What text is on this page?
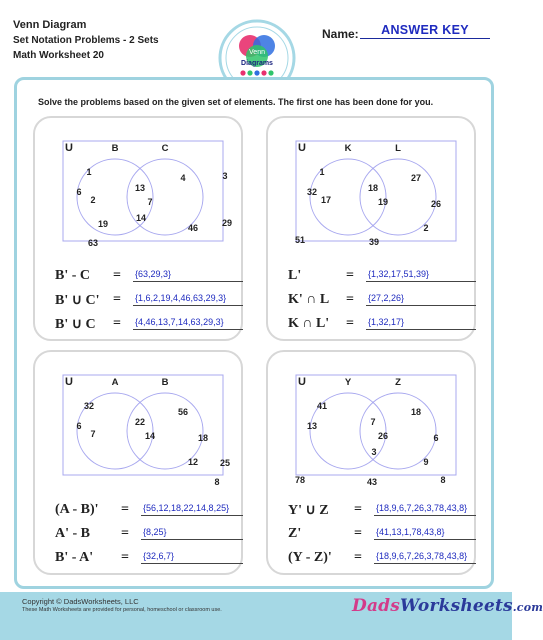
Venn Diagram
Set Notation Problems - 2 Sets
Math Worksheet 20	Venn
Diagrams
Name:	ANSWER KEY
Solve the problems based on the given set of elements. The first one has been done for you.
U	B	C
1
6
2
19
13
7
14
4
46
3
29
63
B' - C = {63,29,3}
B' ∪ C' = {1,6,2,19,4,46,63,29,3}
B' ∪ C = {4,46,13,7,14,63,29,3}
U	K	L
1
32
17
18
19
27
2
26
51	39
L'	= {1,32,17,51,39}
K' ∩ L = {27,2,26}
K ∩ L' = {1,32,17}
U	A	B
32
6
7
22
14
56
12
18
25
8
(A - B)' = {56,12,18,22,14,8,25}
A' - B = {8,25}
B' - A' = {32,6,7}
U	Y	Z
41
13	7
26
3
18
9
6
78	43	8
Y' ∪ Z = {18,9,6,7,26,3,78,43,8}
Z'	= {41,13,1,78,43,8}
(Y - Z)' = {18,9,6,7,26,3,78,43,8}
Copyright © DadsWorksheets, LLC
These Math Worksheets are provided for personal, homeschool or classroom use.	DadsWorksheets.com
